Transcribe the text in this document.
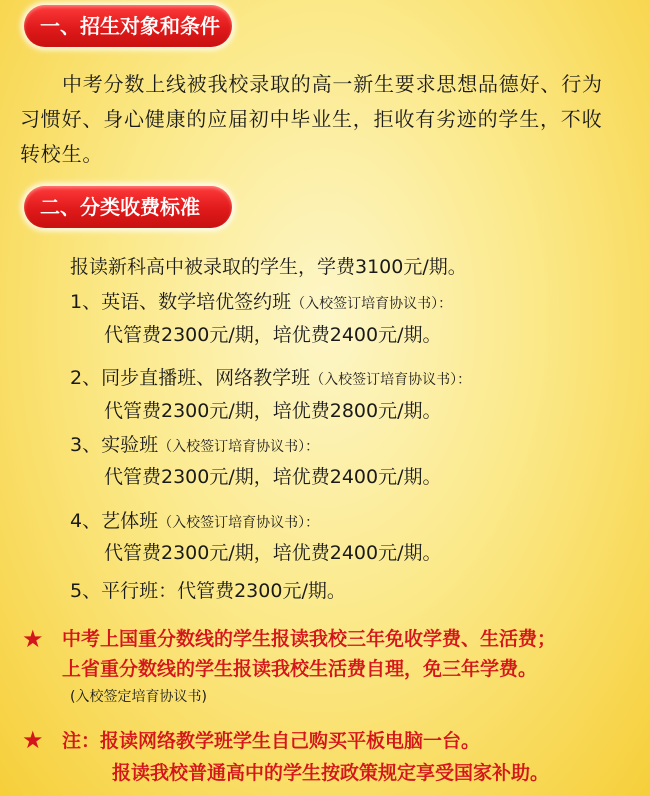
一、招生对象和条件
中考分数上线被我校录取的高一新生要求思想品德好、行为
习惯好、身心健康的应届初中毕业生，拒收有劣迹的学生，不收
转校生。
二、分类收费标准
报读新科高中被录取的学生，学费3100元/期。
1、英语、数学培优签约班（入校签订培育协议书）：
代管费2300元/期，培优费2400元/期。
2、同步直播班、网络教学班（入校签订培育协议书）：
代管费2300元/期，培优费2800元/期。
3、实验班（入校签订培育协议书）：
代管费2300元/期，培优费2400元/期。
4、艺体班（入校签订培育协议书）：
代管费2300元/期，培优费2400元/期。
5、平行班：代管费2300元/期。
★ 中考上国重分数线的学生报读我校三年免收学费、生活费；
上省重分数线的学生报读我校生活费自理，免三年学费。
(入校签定培育协议书)
★ 注：报读网络教学班学生自己购买平板电脑一台。
报读我校普通高中的学生按政策规定享受国家补助。
